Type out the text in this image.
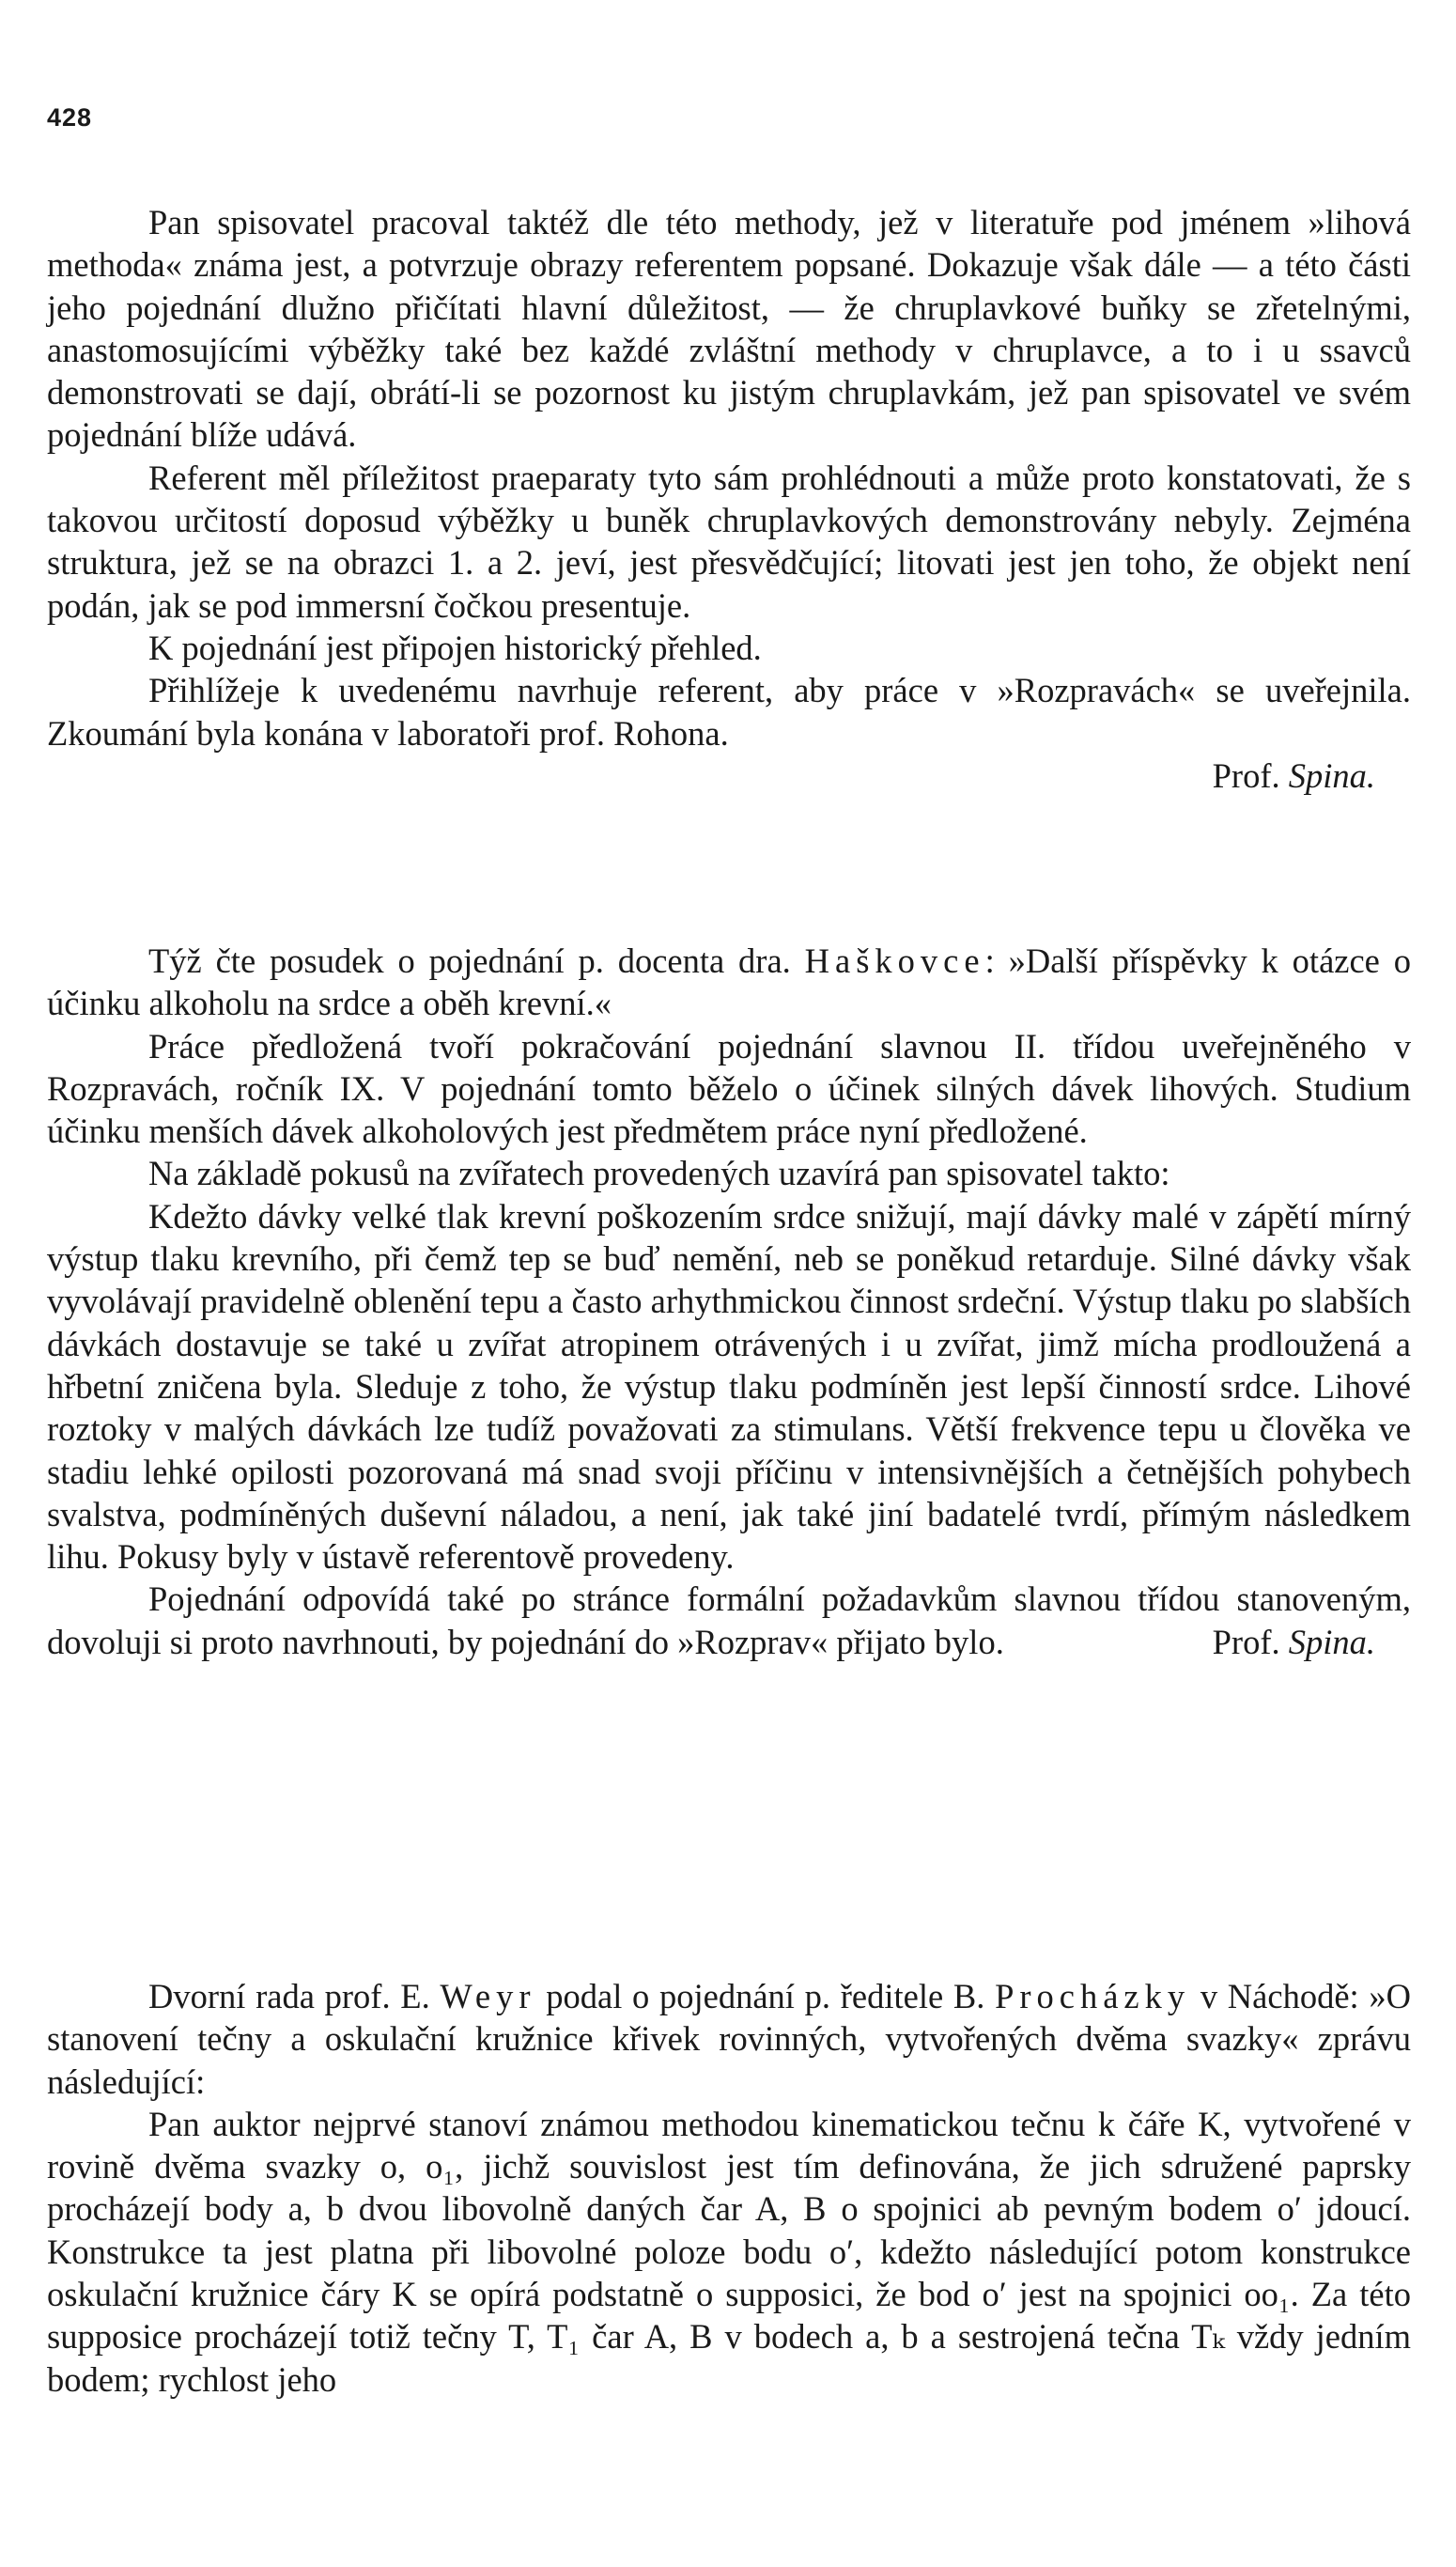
428

Pan spisovatel pracoval taktéž dle této methody, jež v literatuře pod jménem »lihová methoda« známa jest, a potvrzuje obrazy referentem popsané. Dokazuje však dále — a této části jeho pojednání dlužno přičítati hlavní důležitost, — že chruplavkové buňky se zřetelnými, anastomosujícími výběžky také bez každé zvláštní methody v chruplavce, a to i u ssavců demonstrovati se dají, obrátí-li se pozornost ku jistým chruplavkám, jež pan spisovatel ve svém pojednání blíže udává.

Referent měl příležitost praeparaty tyto sám prohlédnouti a může proto konstatovati, že s takovou určitostí doposud výběžky u buněk chruplavkových demonstrovány nebyly. Zejména struktura, jež se na obrazci 1. a 2. jeví, jest přesvědčující; litovati jest jen toho, že objekt není podán, jak se pod immersní čočkou presentuje.

K pojednání jest připojen historický přehled.

Přihlížeje k uvedenému navrhuje referent, aby práce v »Rozpravách« se uveřejnila. Zkoumání byla konána v laboratoři prof. Rohona.

Prof. Spina.

Týž čte posudek o pojednání p. docenta dra. Haškovce: »Další příspěvky k otázce o účinku alkoholu na srdce a oběh krevní.«

Práce předložená tvoří pokračování pojednání slavnou II. třídou uveřejněného v Rozpravách, ročník IX. V pojednání tomto běželo o účinek silných dávek lihových. Studium účinku menších dávek alkoholových jest předmětem práce nyní předložené.

Na základě pokusů na zvířatech provedených uzavírá pan spisovatel takto:

Kdežto dávky velké tlak krevní poškozením srdce snižují, mají dávky malé v zápětí mírný výstup tlaku krevního, při čemž tep se buď nemění, neb se poněkud retarduje. Silné dávky však vyvolávají pravidelně oblenění tepu a často arhythmickou činnost srdeční. Výstup tlaku po slabších dávkách dostavuje se také u zvířat atropinem otrávených i u zvířat, jimž mícha prodloužená a hřbetní zničena byla. Sleduje z toho, že výstup tlaku podmíněn jest lepší činností srdce. Lihové roztoky v malých dávkách lze tudíž považovati za stimulans. Větší frekvence tepu u člověka ve stadiu lehké opilosti pozorovaná má snad svoji příčinu v intensivnějších a četnějších pohybech svalstva, podmíněných duševní náladou, a není, jak také jiní badatelé tvrdí, přímým následkem lihu. Pokusy byly v ústavě referentově provedeny.

Pojednání odpovídá také po stránce formální požadavkům slavnou třídou stanoveným, dovoluji si proto navrhnouti, by pojednání do »Rozprav« přijato bylo.	Prof. Spina.

Dvorní rada prof. E. Weyr podal o pojednání p. ředitele B. Procházky v Náchodě: »O stanovení tečny a oskulační kružnice křivek rovinných, vytvořených dvěma svazky« zprávu následující:

Pan auktor nejprvé stanoví známou methodou kinematickou tečnu k čáře K, vytvořené v rovině dvěma svazky o, o₁, jichž souvislost jest tím definována, že jich sdružené paprsky procházejí body a, b dvou libovolně daných čar A, B o spojnici ab pevným bodem o′ jdoucí. Konstrukce ta jest platna při libovolné poloze bodu o′, kdežto následující potom konstrukce oskulační kružnice čáry K se opírá podstatně o supposici, že bod o′ jest na spojnici oo₁. Za této supposice procházejí totiž tečny T, T₁ čar A, B v bodech a, b a sestrojená tečna Tₖ vždy jedním bodem; rychlost jeho
